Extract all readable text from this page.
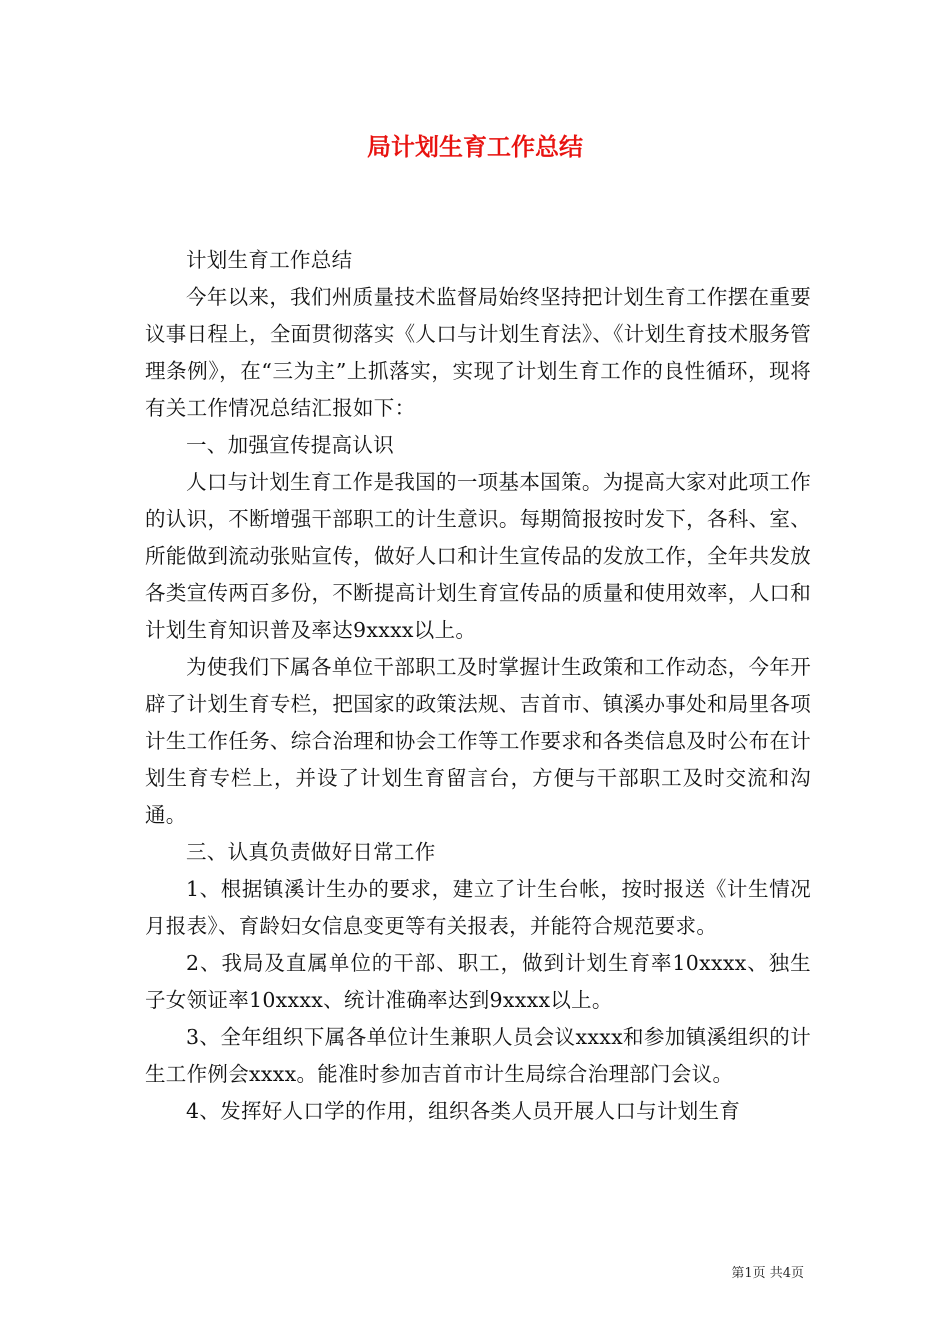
局计划生育工作总结

计划生育工作总结

今年以来，我们州质量技术监督局始终坚持把计划生育工作摆在重要议事日程上，全面贯彻落实《人口与计划生育法》、《计划生育技术服务管理条例》，在“三为主”上抓落实，实现了计划生育工作的良性循环，现将有关工作情况总结汇报如下：

一、加强宣传提高认识

人口与计划生育工作是我国的一项基本国策。为提高大家对此项工作的认识，不断增强干部职工的计生意识。每期简报按时发下，各科、室、所能做到流动张贴宣传，做好人口和计生宣传品的发放工作，全年共发放各类宣传两百多份，不断提高计划生育宣传品的质量和使用效率，人口和计划生育知识普及率达9xxxx以上。

为使我们下属各单位干部职工及时掌握计生政策和工作动态，今年开辟了计划生育专栏，把国家的政策法规、吉首市、镇溪办事处和局里各项计生工作任务、综合治理和协会工作等工作要求和各类信息及时公布在计划生育专栏上，并设了计划生育留言台，方便与干部职工及时交流和沟通。

三、认真负责做好日常工作

1、根据镇溪计生办的要求，建立了计生台帐，按时报送《计生情况月报表》、育龄妇女信息变更等有关报表，并能符合规范要求。

2、我局及直属单位的干部、职工，做到计划生育率10xxxx、独生子女领证率10xxxx、统计准确率达到9xxxx以上。

3、全年组织下属各单位计生兼职人员会议xxxx和参加镇溪组织的计生工作例会xxxx。能准时参加吉首市计生局综合治理部门会议。

4、发挥好人口学的作用，组织各类人员开展人口与计划生育

第1页 共4页
